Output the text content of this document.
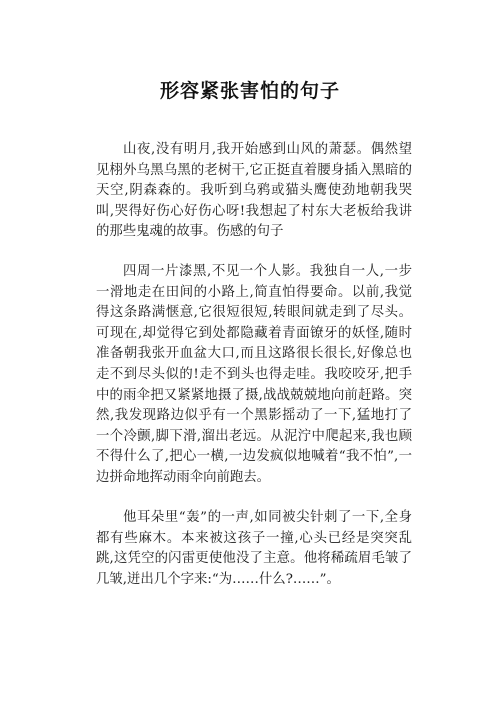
形容紧张害怕的句子

山夜,没有明月,我开始感到山风的萧瑟。偶然望见栩外乌黑乌黑的老树干,它正挺直着腰身插入黑暗的天空,阴森森的。我听到乌鸦或猫头鹰使劲地朝我哭叫,哭得好伤心好伤心呀!我想起了村东大老板给我讲的那些鬼魂的故事。伤感的句子

四周一片漆黑,不见一个人影。我独自一人,一步一滑地走在田间的小路上,简直怕得要命。以前,我觉得这条路满惬意,它很短很短,转眼间就走到了尽头。可现在,却觉得它到处都隐藏着青面镣牙的妖怪,随时准备朝我张开血盆大口,而且这路很长很长,好像总也走不到尽头似的!走不到头也得走哇。我咬咬牙,把手中的雨伞把又紧紧地摄了摄,战战兢兢地向前赶路。突然,我发现路边似乎有一个黑影摇动了一下,猛地打了一个冷颤,脚下滑,溜出老远。从泥泞中爬起来,我也顾不得什么了,把心一横,一边发疯似地喊着“我不怕”,一边拼命地挥动雨伞向前跑去。

他耳朵里“轰”的一声,如同被尖针刺了一下,全身都有些麻木。本来被这孩子一撞,心头已经是突突乱跳,这凭空的闪雷更使他没了主意。他将稀疏眉毛皱了几皱,迸出几个字来:“为……什么?……”。
